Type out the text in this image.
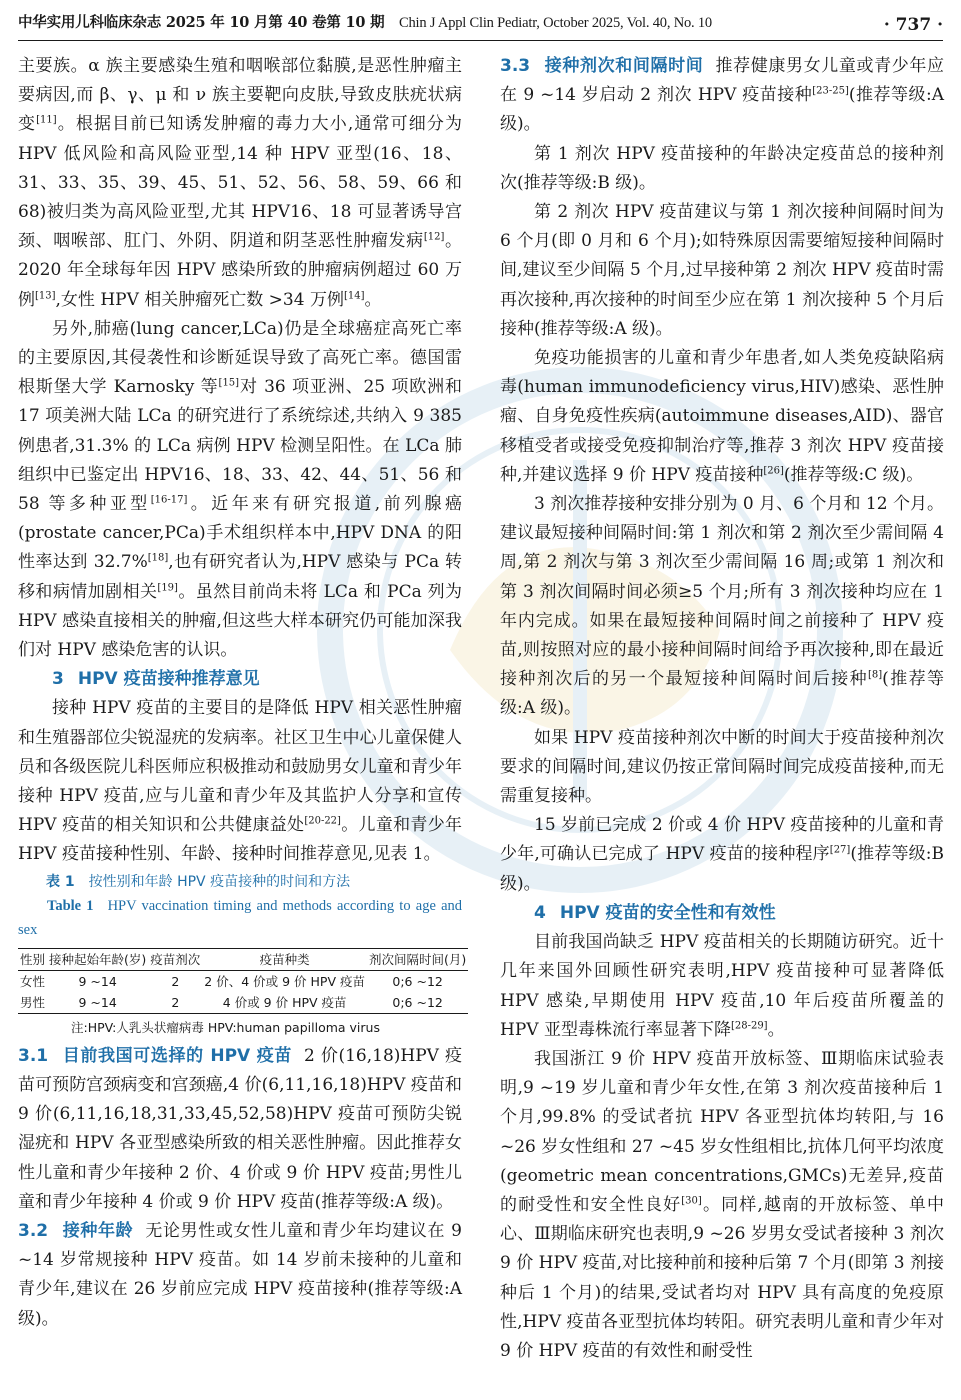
中华实用儿科临床杂志 2025 年 10 月第 40 卷第 10 期 Chin J Appl Clin Pediatr, October 2025, Vol. 40, No. 10	· 737 ·

主要族。α 族主要感染生殖和咽喉部位黏膜,是恶性肿瘤主要病因,而 β、γ、μ 和 ν 族主要靶向皮肤,导致皮肤疣状病变[11]。根据目前已知诱发肿瘤的毒力大小,通常可细分为 HPV 低风险和高风险亚型,14 种 HPV 亚型(16、18、31、33、35、39、45、51、52、56、58、59、66 和 68)被归类为高风险亚型,尤其 HPV16、18 可显著诱导宫颈、咽喉部、肛门、外阴、阴道和阴茎恶性肿瘤发病[12]。2020 年全球每年因 HPV 感染所致的肿瘤病例超过 60 万例[13],女性 HPV 相关肿瘤死亡数 >34 万例[14]。

另外,肺癌(lung cancer,LCa)仍是全球癌症高死亡率的主要原因,其侵袭性和诊断延误导致了高死亡率。德国雷根斯堡大学 Karnosky 等[15]对 36 项亚洲、25 项欧洲和 17 项美洲大陆 LCa 的研究进行了系统综述,共纳入 9 385 例患者,31.3% 的 LCa 病例 HPV 检测呈阳性。在 LCa 肺组织中已鉴定出 HPV16、18、33、42、44、51、56 和 58 等多种亚型[16-17]。近年来有研究报道,前列腺癌(prostate cancer,PCa)手术组织样本中,HPV DNA 的阳性率达到 32.7%[18],也有研究者认为,HPV 感染与 PCa 转移和病情加剧相关[19]。虽然目前尚未将 LCa 和 PCa 列为 HPV 感染直接相关的肿瘤,但这些大样本研究仍可能加深我们对 HPV 感染危害的认识。

3 HPV 疫苗接种推荐意见

接种 HPV 疫苗的主要目的是降低 HPV 相关恶性肿瘤和生殖器部位尖锐湿疣的发病率。社区卫生中心儿童保健人员和各级医院儿科医师应积极推动和鼓励男女儿童和青少年接种 HPV 疫苗,应与儿童和青少年及其监护人分享和宣传 HPV 疫苗的相关知识和公共健康益处[20-22]。儿童和青少年 HPV 疫苗接种性别、年龄、接种时间推荐意见,见表 1。

表 1 按性别和年龄 HPV 疫苗接种的时间和方法

Table 1 HPV vaccination timing and methods according to age and sex

性别	接种起始年龄(岁)	疫苗剂次	疫苗种类	剂次间隔时间(月)
女性	9 ~14	2	2 价、4 价或 9 价 HPV 疫苗	0;6 ~12
男性	9 ~14	2	4 价或 9 价 HPV 疫苗	0;6 ~12

注:HPV:人乳头状瘤病毒 HPV:human papilloma virus

3.1 目前我国可选择的 HPV 疫苗 2 价(16,18)HPV 疫苗可预防宫颈病变和宫颈癌,4 价(6,11,16,18)HPV 疫苗和 9 价(6,11,16,18,31,33,45,52,58)HPV 疫苗可预防尖锐湿疣和 HPV 各亚型感染所致的相关恶性肿瘤。因此推荐女性儿童和青少年接种 2 价、4 价或 9 价 HPV 疫苗;男性儿童和青少年接种 4 价或 9 价 HPV 疫苗(推荐等级:A 级)。

3.2 接种年龄 无论男性或女性儿童和青少年均建议在 9 ~14 岁常规接种 HPV 疫苗。如 14 岁前未接种的儿童和青少年,建议在 26 岁前应完成 HPV 疫苗接种(推荐等级:A 级)。

3.3 接种剂次和间隔时间 推荐健康男女儿童或青少年应在 9 ~14 岁启动 2 剂次 HPV 疫苗接种[23-25](推荐等级:A 级)。

第 1 剂次 HPV 疫苗接种的年龄决定疫苗总的接种剂次(推荐等级:B 级)。

第 2 剂次 HPV 疫苗建议与第 1 剂次接种间隔时间为 6 个月(即 0 月和 6 个月);如特殊原因需要缩短接种间隔时间,建议至少间隔 5 个月,过早接种第 2 剂次 HPV 疫苗时需再次接种,再次接种的时间至少应在第 1 剂次接种 5 个月后接种(推荐等级:A 级)。

免疫功能损害的儿童和青少年患者,如人类免疫缺陷病毒(human immunodeficiency virus,HIV)感染、恶性肿瘤、自身免疫性疾病(autoimmune diseases,AID)、器官移植受者或接受免疫抑制治疗等,推荐 3 剂次 HPV 疫苗接种,并建议选择 9 价 HPV 疫苗接种[26](推荐等级:C 级)。

3 剂次推荐接种安排分别为 0 月、6 个月和 12 个月。建议最短接种间隔时间:第 1 剂次和第 2 剂次至少需间隔 4 周,第 2 剂次与第 3 剂次至少需间隔 16 周;或第 1 剂次和第 3 剂次间隔时间必须≥5 个月;所有 3 剂次接种均应在 1 年内完成。如果在最短接种间隔时间之前接种了 HPV 疫苗,则按照对应的最小接种间隔时间给予再次接种,即在最近接种剂次后的另一个最短接种间隔时间后接种[8](推荐等级:A 级)。

如果 HPV 疫苗接种剂次中断的时间大于疫苗接种剂次要求的间隔时间,建议仍按正常间隔时间完成疫苗接种,而无需重复接种。

15 岁前已完成 2 价或 4 价 HPV 疫苗接种的儿童和青少年,可确认已完成了 HPV 疫苗的接种程序[27](推荐等级:B 级)。

4 HPV 疫苗的安全性和有效性

目前我国尚缺乏 HPV 疫苗相关的长期随访研究。近十几年来国外回顾性研究表明,HPV 疫苗接种可显著降低 HPV 感染,早期使用 HPV 疫苗,10 年后疫苗所覆盖的 HPV 亚型毒株流行率显著下降[28-29]。

我国浙江 9 价 HPV 疫苗开放标签、Ⅲ期临床试验表明,9 ~19 岁儿童和青少年女性,在第 3 剂次疫苗接种后 1 个月,99.8% 的受试者抗 HPV 各亚型抗体均转阳,与 16 ~26 岁女性组和 27 ~45 岁女性组相比,抗体几何平均浓度(geometric mean concentrations,GMCs)无差异,疫苗的耐受性和安全性良好[30]。同样,越南的开放标签、单中心、Ⅲ期临床研究也表明,9 ~26 岁男女受试者接种 3 剂次 9 价 HPV 疫苗,对比接种前和接种后第 7 个月(即第 3 剂接种后 1 个月)的结果,受试者均对 HPV 具有高度的免疫原性,HPV 疫苗各亚型抗体均转阳。研究表明儿童和青少年对 9 价 HPV 疫苗的有效性和耐受性
